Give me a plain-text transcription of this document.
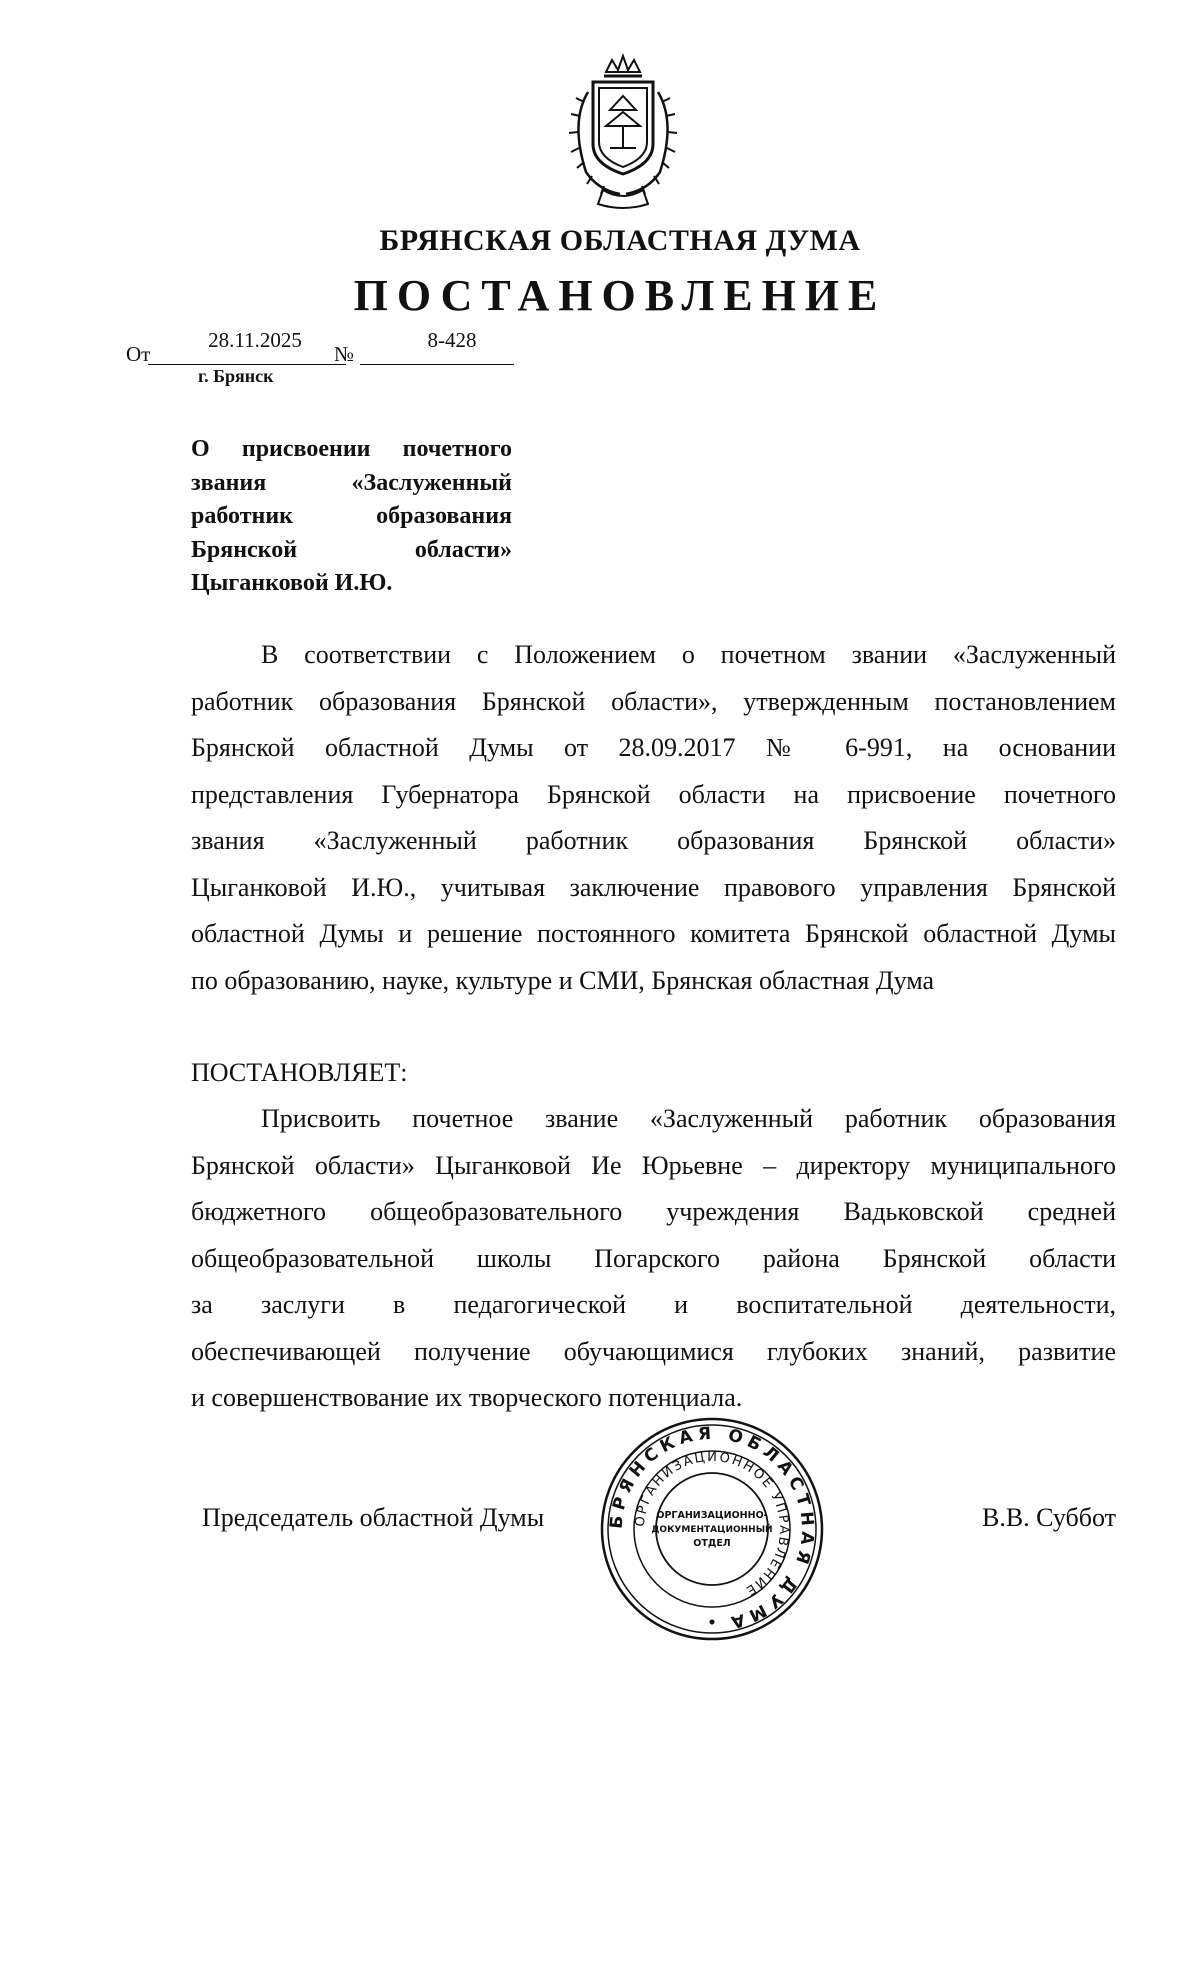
БРЯНСКАЯ ОБЛАСТНАЯ ДУМА
ПОСТАНОВЛЕНИЕ
От
28.11.2025
№
8-428
г. Брянск
О присвоении почетного
звания «Заслуженный
работник образования
Брянской области»
Цыганковой И.Ю.
В соответствии с Положением о почетном звании «Заслуженный
работник образования Брянской области», утвержденным постановлением
Брянской областной Думы от 28.09.2017 № 6-991, на основании
представления Губернатора Брянской области на присвоение почетного
звания «Заслуженный работник образования Брянской области»
Цыганковой И.Ю., учитывая заключение правового управления Брянской
областной Думы и решение постоянного комитета Брянской областной Думы
по образованию, науке, культуре и СМИ, Брянская областная Дума
ПОСТАНОВЛЯЕТ:
Присвоить почетное звание «Заслуженный работник образования
Брянской области» Цыганковой Ие Юрьевне – директору муниципального
бюджетного общеобразовательного учреждения Вадьковской средней
общеобразовательной школы Погарского района Брянской области
за заслуги в педагогической и воспитательной деятельности,
обеспечивающей получение обучающимися глубоких знаний, развитие
и совершенствование их творческого потенциала.
Председатель областной Думы	В.В. Суббот
БРЯНСКАЯ ОБЛАСТНАЯ ДУМА
ОРГАНИЗАЦИОННОЕ УПРАВЛЕНИЕ
ОРГАНИЗАЦИОННО-
ДОКУМЕНТАЦИОННЫЙ
ОТДЕЛ
